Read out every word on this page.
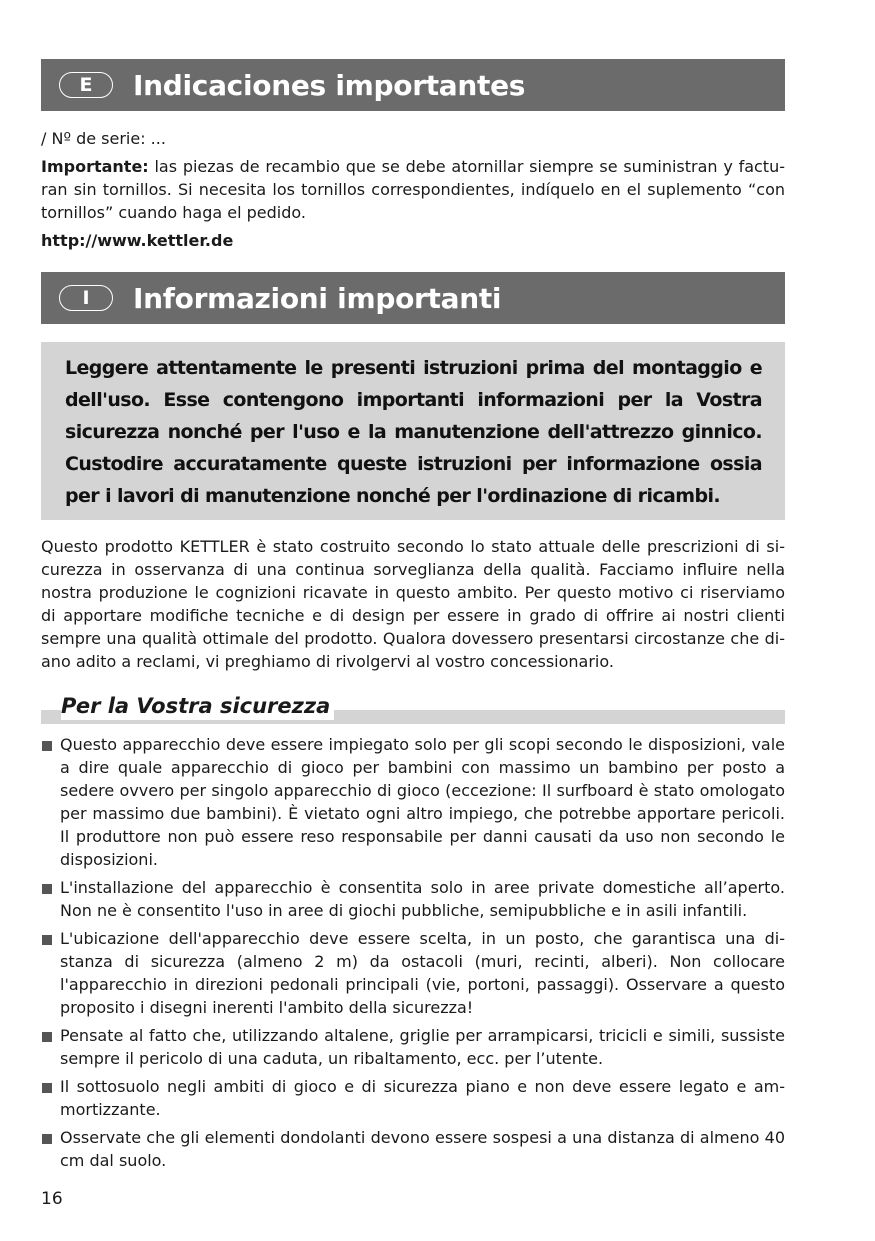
E	Indicaciones importantes
/ Nº de serie: ...
Importante: las piezas de recambio que se debe atornillar siempre se suministran y facturan sin tornillos. Si necesita los tornillos correspondientes, indíquelo en el suplemento “con tornillos” cuando haga el pedido.
http://www.kettler.de
I	Informazioni importanti
Leggere attentamente le presenti istruzioni prima del montaggio e dell'uso. Esse contengono importanti informazioni per la Vostra sicurezza nonché per l'uso e la manutenzione dell'attrezzo ginnico. Custodire accuratamente queste istruzioni per informazione ossia per i lavori di manutenzione nonché per l'ordinazione di ricambi.
Questo prodotto KETTLER è stato costruito secondo lo stato attuale delle prescrizioni di sicurezza in osservanza di una continua sorveglianza della qualità. Facciamo influire nella nostra produzione le cognizioni ricavate in questo ambito. Per questo motivo ci riserviamo di apportare modifiche tecniche e di design per essere in grado di offrire ai nostri clienti sempre una qualità ottimale del prodotto. Qualora dovessero presentarsi circostanze che diano adito a reclami, vi preghiamo di rivolgervi al vostro concessionario.
Per la Vostra sicurezza
Questo apparecchio deve essere impiegato solo per gli scopi secondo le disposizioni, vale a dire quale apparecchio di gioco per bambini con massimo un bambino per posto a sedere ovvero per singolo apparecchio di gioco (eccezione: Il surfboard è stato omologato per massimo due bambini). È vietato ogni altro impiego, che potrebbe apportare pericoli. Il produttore non può essere reso responsabile per danni causati da uso non secondo le disposizioni.
L'installazione del apparecchio è consentita solo in aree private domestiche all’aperto. Non ne è consentito l'uso in aree di giochi pubbliche, semipubbliche e in asili infantili.
L'ubicazione dell'apparecchio deve essere scelta, in un posto, che garantisca una distanza di sicurezza (almeno 2 m) da ostacoli (muri, recinti, alberi). Non collocare l'apparecchio in direzioni pedonali principali (vie, portoni, passaggi). Osservare a questo proposito i disegni inerenti l'ambito della sicurezza!
Pensate al fatto che, utilizzando altalene, griglie per arrampicarsi, tricicli e simili, sussiste sempre il pericolo di una caduta, un ribaltamento, ecc. per l’utente.
Il sottosuolo negli ambiti di gioco e di sicurezza piano e non deve essere legato e ammortizzante.
Osservate che gli elementi dondolanti devono essere sospesi a una distanza di almeno 40 cm dal suolo.
16
